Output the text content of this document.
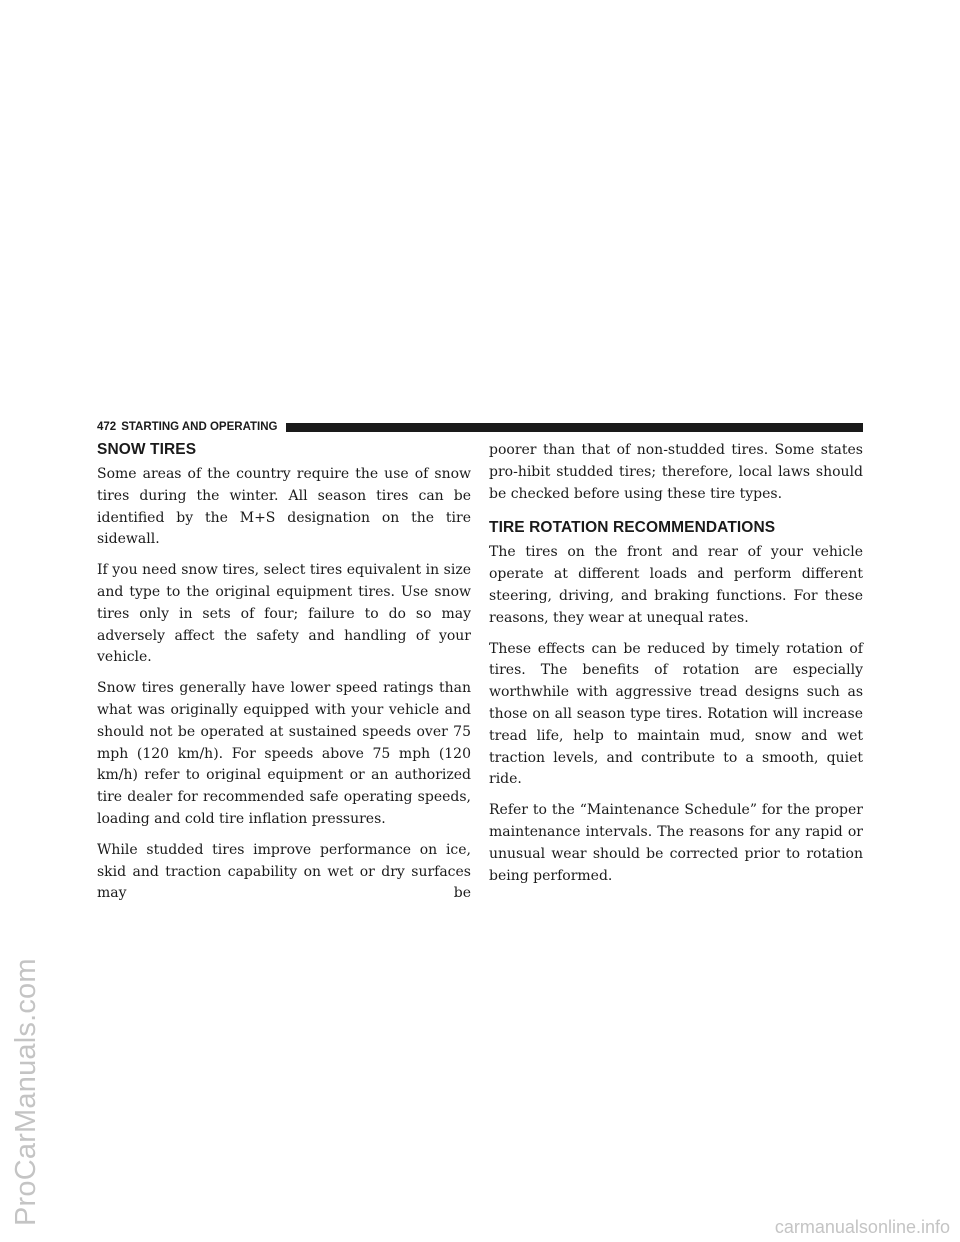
ProCarManuals.com
472 STARTING AND OPERATING
SNOW TIRES

Some areas of the country require the use of snow tires during the winter. All season tires can be identified by the M+S designation on the tire sidewall.

If you need snow tires, select tires equivalent in size and type to the original equipment tires. Use snow tires only in sets of four; failure to do so may adversely affect the safety and handling of your vehicle.

Snow tires generally have lower speed ratings than what was originally equipped with your vehicle and should not be operated at sustained speeds over 75 mph (120 km/h). For speeds above 75 mph (120 km/h) refer to original equipment or an authorized tire dealer for recommended safe operating speeds, loading and cold tire inflation pressures.

While studded tires improve performance on ice, skid and traction capability on wet or dry surfaces may be

poorer than that of non-studded tires. Some states pro-hibit studded tires; therefore, local laws should be checked before using these tire types.

TIRE ROTATION RECOMMENDATIONS

The tires on the front and rear of your vehicle operate at different loads and perform different steering, driving, and braking functions. For these reasons, they wear at unequal rates.

These effects can be reduced by timely rotation of tires. The benefits of rotation are especially worthwhile with aggressive tread designs such as those on all season type tires. Rotation will increase tread life, help to maintain mud, snow and wet traction levels, and contribute to a smooth, quiet ride.

Refer to the “Maintenance Schedule” for the proper maintenance intervals. The reasons for any rapid or unusual wear should be corrected prior to rotation being performed.

carmanualsonline.info
